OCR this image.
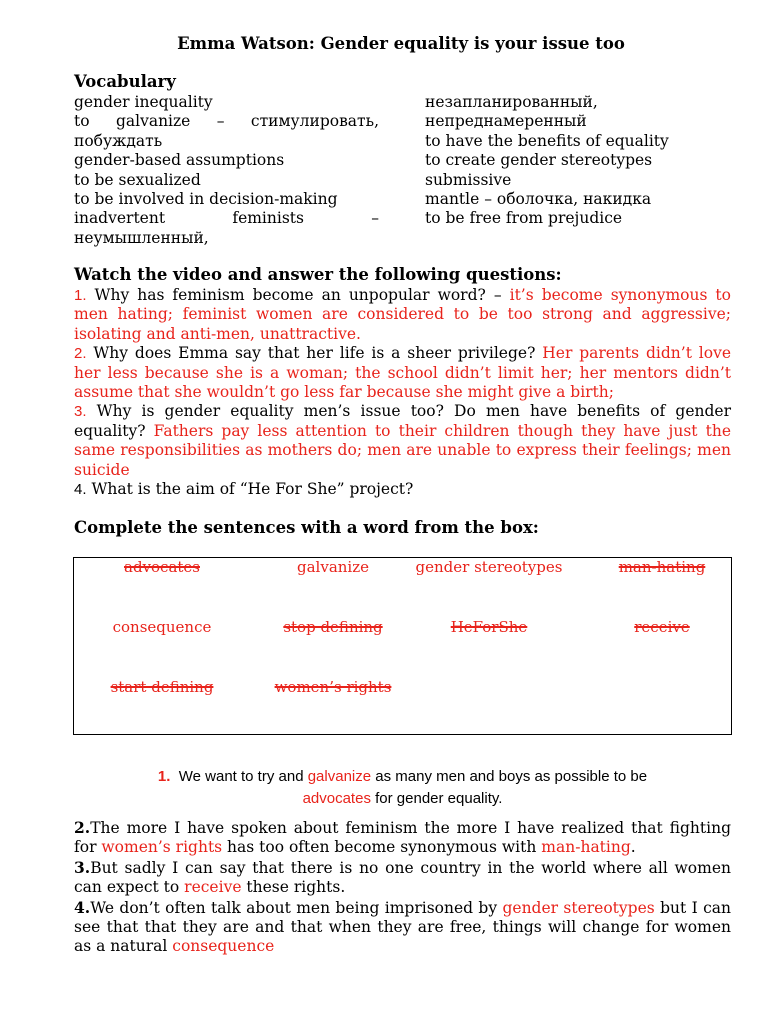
Emma Watson: Gender equality is your issue too
Vocabulary
gender inequality
to galvanize – стимулировать,
побуждать
gender-based assumptions
to be sexualized
to be involved in decision-making
inadvertent	feminists	–
неумышленный,
незапланированный,
непреднамеренный
to have the benefits of equality
to create gender stereotypes
submissive
mantle – оболочка, накидка
to be free from prejudice
Watch the video and answer the following questions:

1. Why has feminism become an unpopular word? – it’s become synonymous to men hating; feminist women are considered to be too strong and aggressive; isolating and anti-men, unattractive.

2. Why does Emma say that her life is a sheer privilege? Her parents didn’t love her less because she is a woman; the school didn’t limit her; her mentors didn’t assume that she wouldn’t go less far because she might give a birth;

3. Why is gender equality men’s issue too? Do men have benefits of gender equality? Fathers pay less attention to their children though they have just the same responsibilities as mothers do; men are unable to express their feelings; men suicide

4. What is the aim of “He For She” project?

Complete the sentences with a word from the box:
advocates	galvanize	gender stereotypes	man-hating
consequence	stop defining	HeForShe	receive
start defining	women’s rights
1. We want to try and galvanize as many men and boys as possible to be
advocates for gender equality.

2.The more I have spoken about feminism the more I have realized that fighting for women’s rights has too often become synonymous with man-hating.

3.But sadly I can say that there is no one country in the world where all women can expect to receive these rights.

4.We don’t often talk about men being imprisoned by gender stereotypes but I can see that that they are and that when they are free, things will change for women as a natural consequence
